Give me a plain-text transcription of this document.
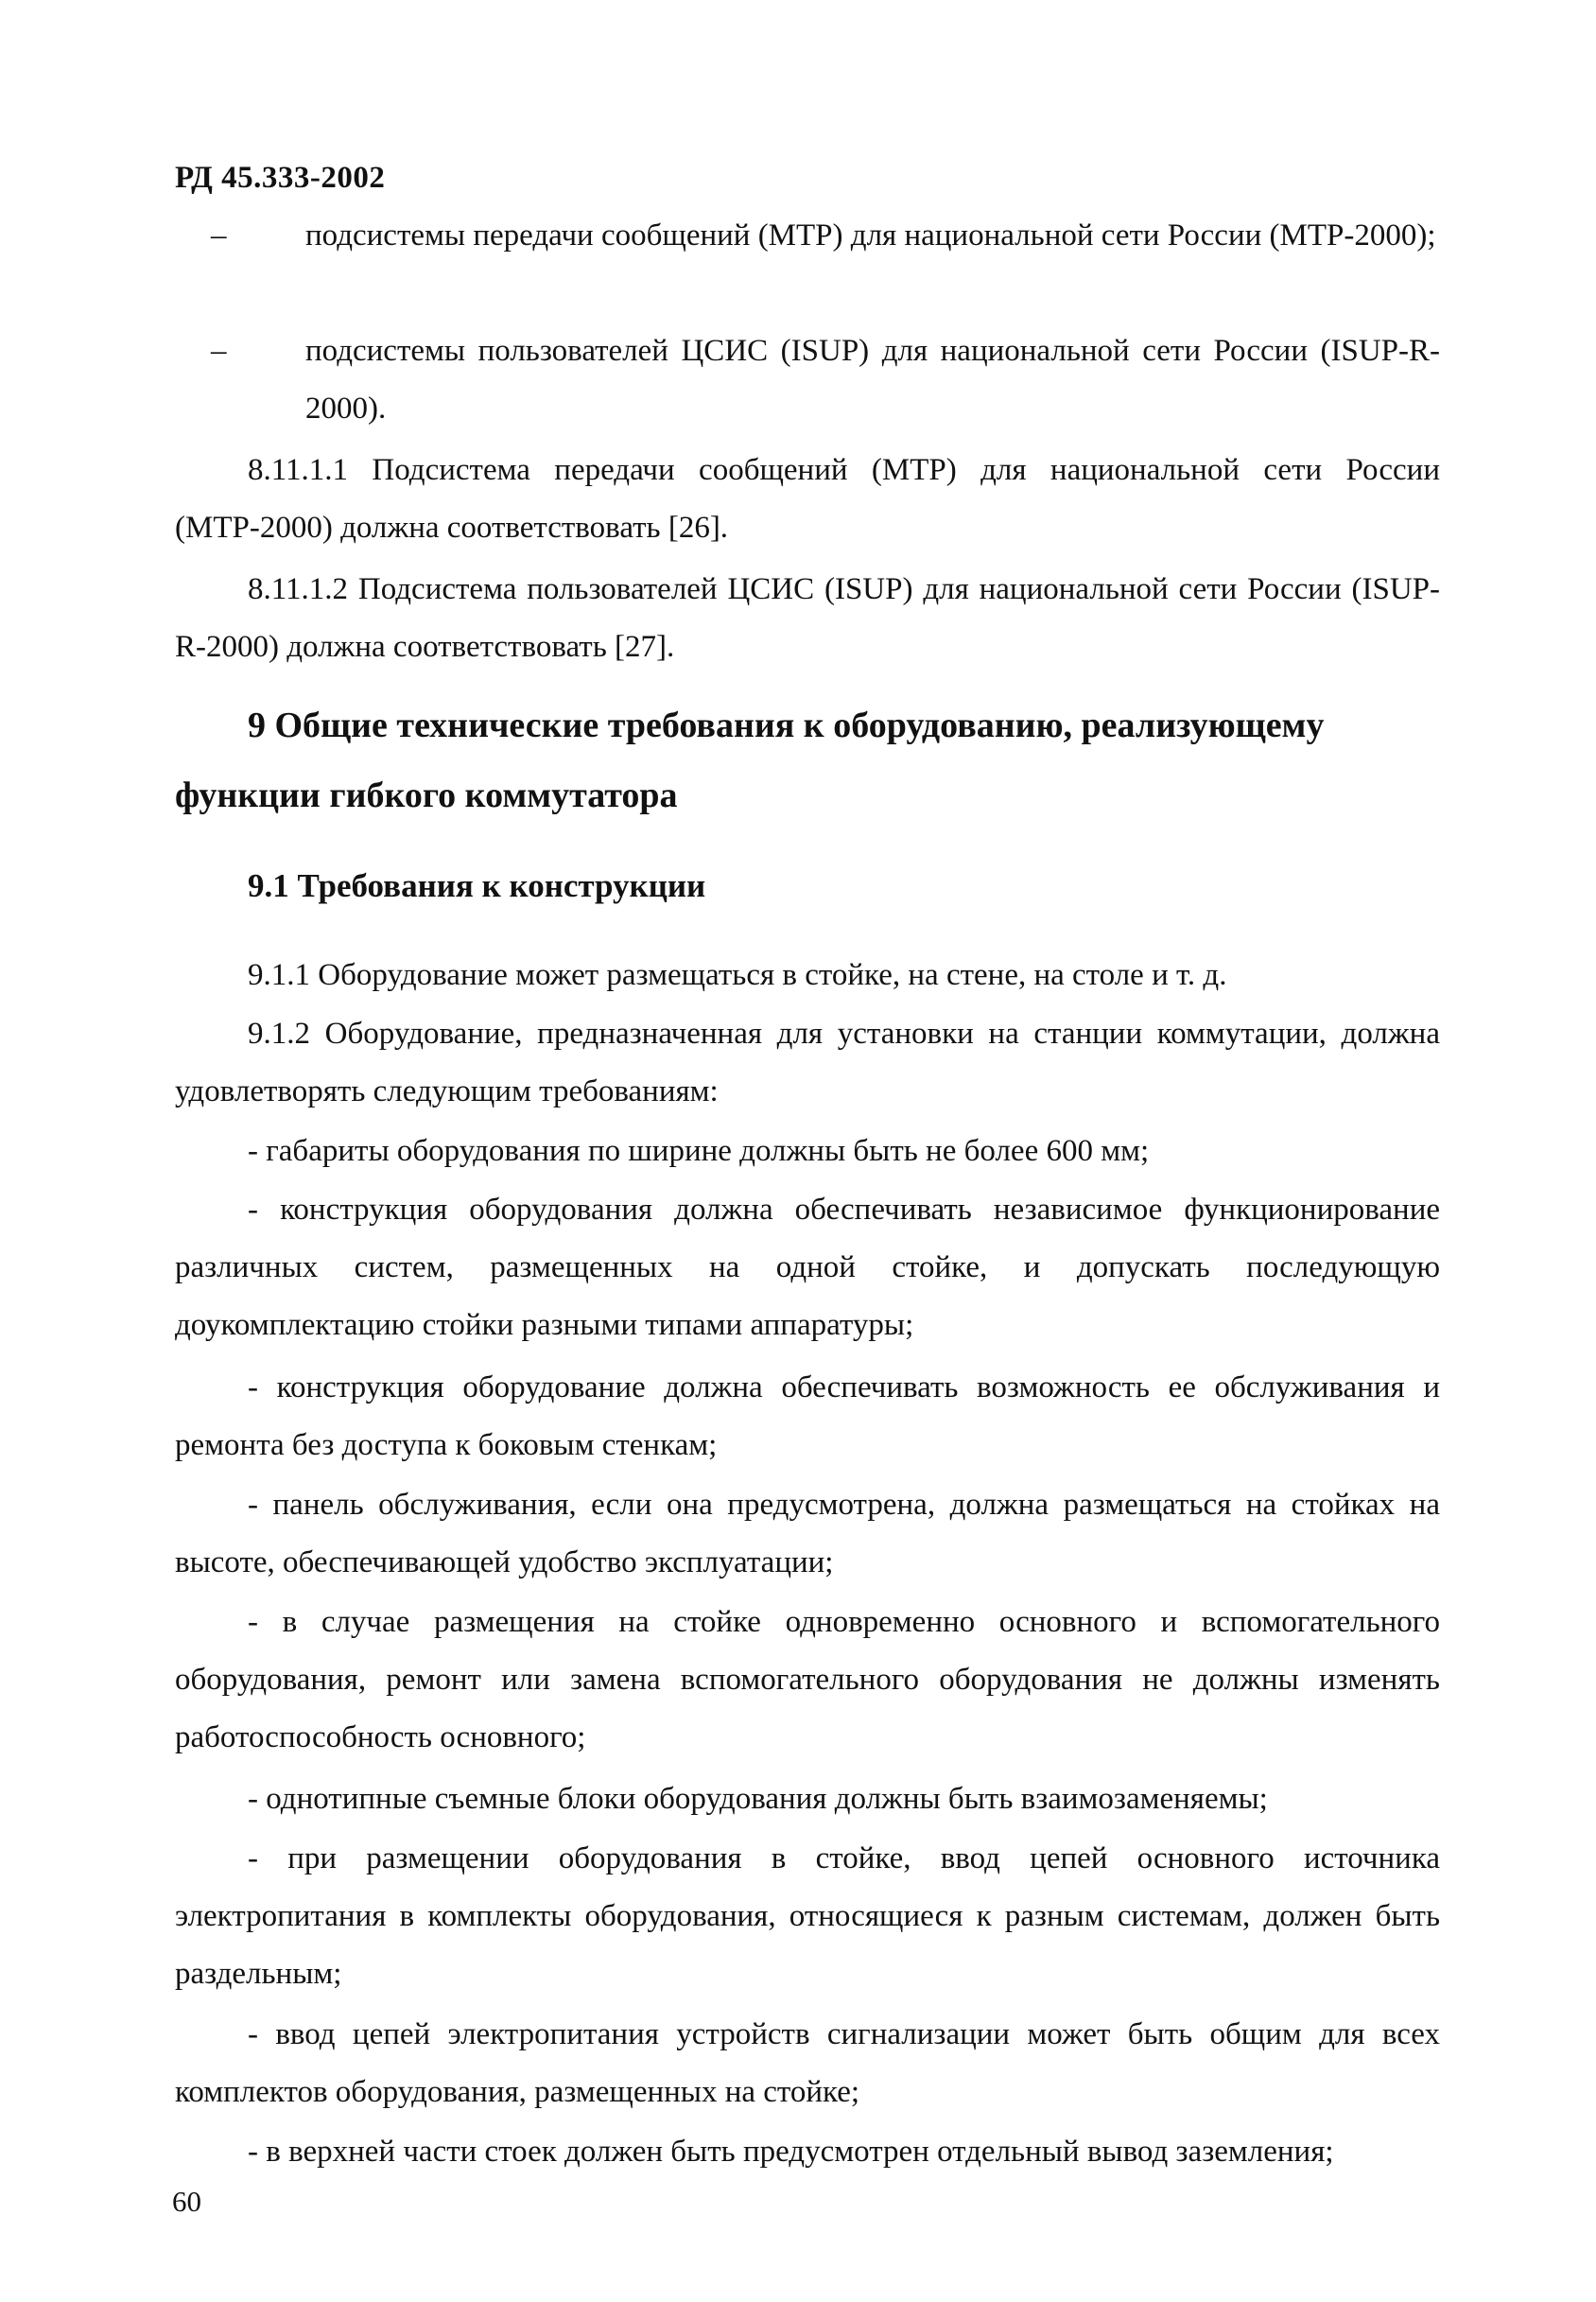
РД 45.333-2002
–	подсистемы передачи сообщений (МТР) для национальной сети России (МТР-2000);
–	подсистемы пользователей ЦСИС (ISUP) для национальной сети России (ISUP-R-2000).

8.11.1.1 Подсистема передачи сообщений (МТР) для национальной сети России (МТР-2000) должна соответствовать [26].

8.11.1.2 Подсистема пользователей ЦСИС (ISUP) для национальной сети России (ISUP-R-2000) должна соответствовать [27].

9 Общие технические требования к оборудованию, реализующему функции гибкого коммутатора
9.1 Требования к конструкции

9.1.1 Оборудование может размещаться в стойке, на стене, на столе и т. д.

9.1.2 Оборудование, предназначенная для установки на станции коммутации, должна удовлетворять следующим требованиям:

- габариты оборудования по ширине должны быть не более 600 мм;

- конструкция оборудования должна обеспечивать независимое функционирование различных систем, размещенных на одной стойке, и допускать последующую доукомплектацию стойки разными типами аппаратуры;

- конструкция оборудование должна обеспечивать возможность ее обслуживания и ремонта без доступа к боковым стенкам;

- панель обслуживания, если она предусмотрена, должна размещаться на стойках на высоте, обеспечивающей удобство эксплуатации;

- в случае размещения на стойке одновременно основного и вспомогательного оборудования, ремонт или замена вспомогательного оборудования не должны изменять работоспособность основного;

- однотипные съемные блоки оборудования должны быть взаимозаменяемы;

- при размещении оборудования в стойке, ввод цепей основного источника электропитания в комплекты оборудования, относящиеся к разным системам, должен быть раздельным;

- ввод цепей электропитания устройств сигнализации может быть общим для всех комплектов оборудования, размещенных на стойке;

- в верхней части стоек должен быть предусмотрен отдельный вывод заземления;

60
